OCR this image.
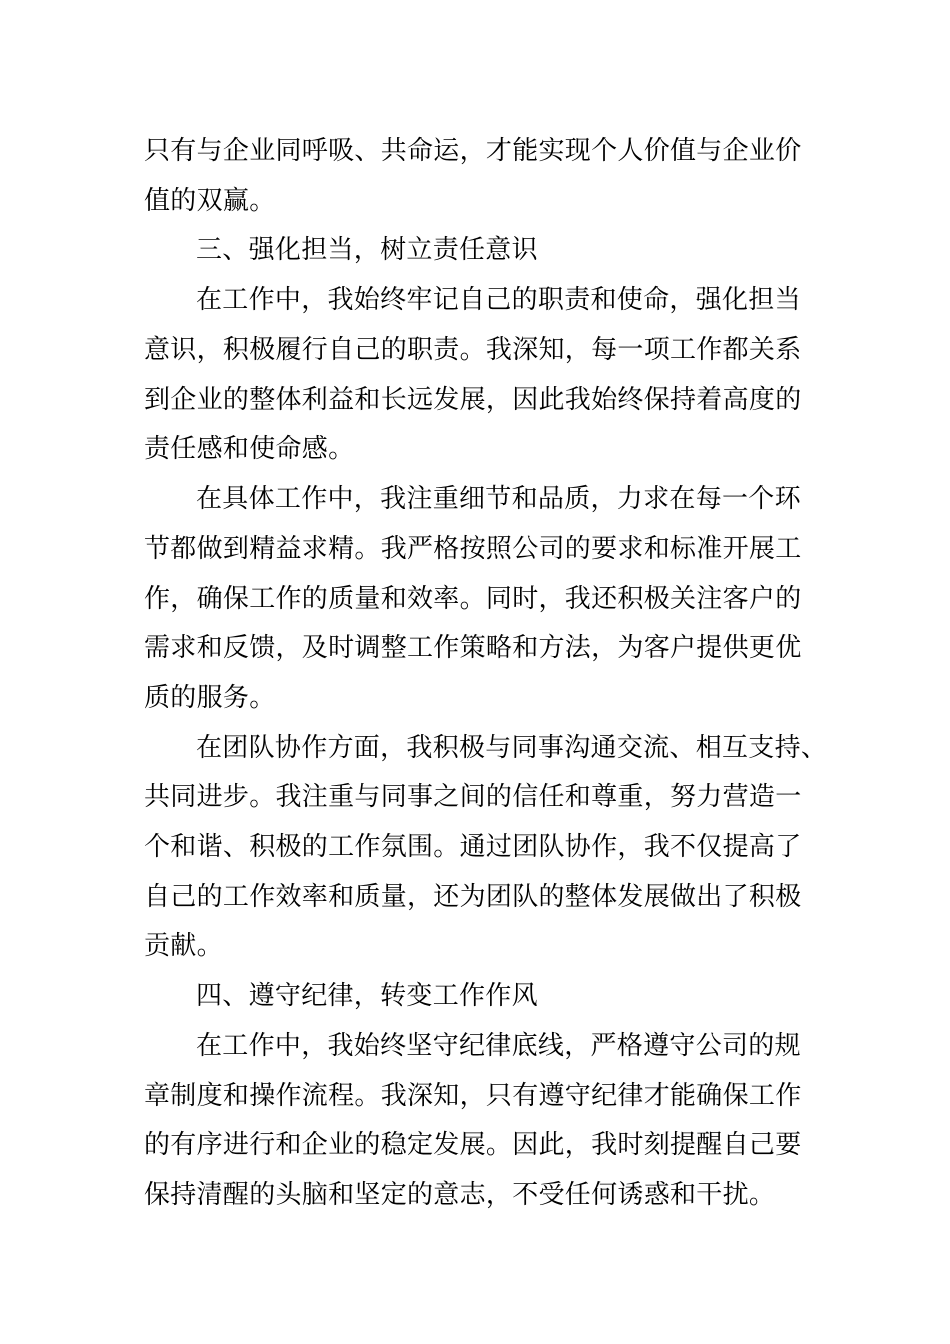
只有与企业同呼吸、共命运，才能实现个人价值与企业价
值的双赢。
三、强化担当，树立责任意识
在工作中，我始终牢记自己的职责和使命，强化担当
意识，积极履行自己的职责。我深知，每一项工作都关系
到企业的整体利益和长远发展，因此我始终保持着高度的
责任感和使命感。
在具体工作中，我注重细节和品质，力求在每一个环
节都做到精益求精。我严格按照公司的要求和标准开展工
作，确保工作的质量和效率。同时，我还积极关注客户的
需求和反馈，及时调整工作策略和方法，为客户提供更优
质的服务。
在团队协作方面，我积极与同事沟通交流、相互支持、
共同进步。我注重与同事之间的信任和尊重，努力营造一
个和谐、积极的工作氛围。通过团队协作，我不仅提高了
自己的工作效率和质量，还为团队的整体发展做出了积极
贡献。
四、遵守纪律，转变工作作风
在工作中，我始终坚守纪律底线，严格遵守公司的规
章制度和操作流程。我深知，只有遵守纪律才能确保工作
的有序进行和企业的稳定发展。因此，我时刻提醒自己要
保持清醒的头脑和坚定的意志，不受任何诱惑和干扰。
